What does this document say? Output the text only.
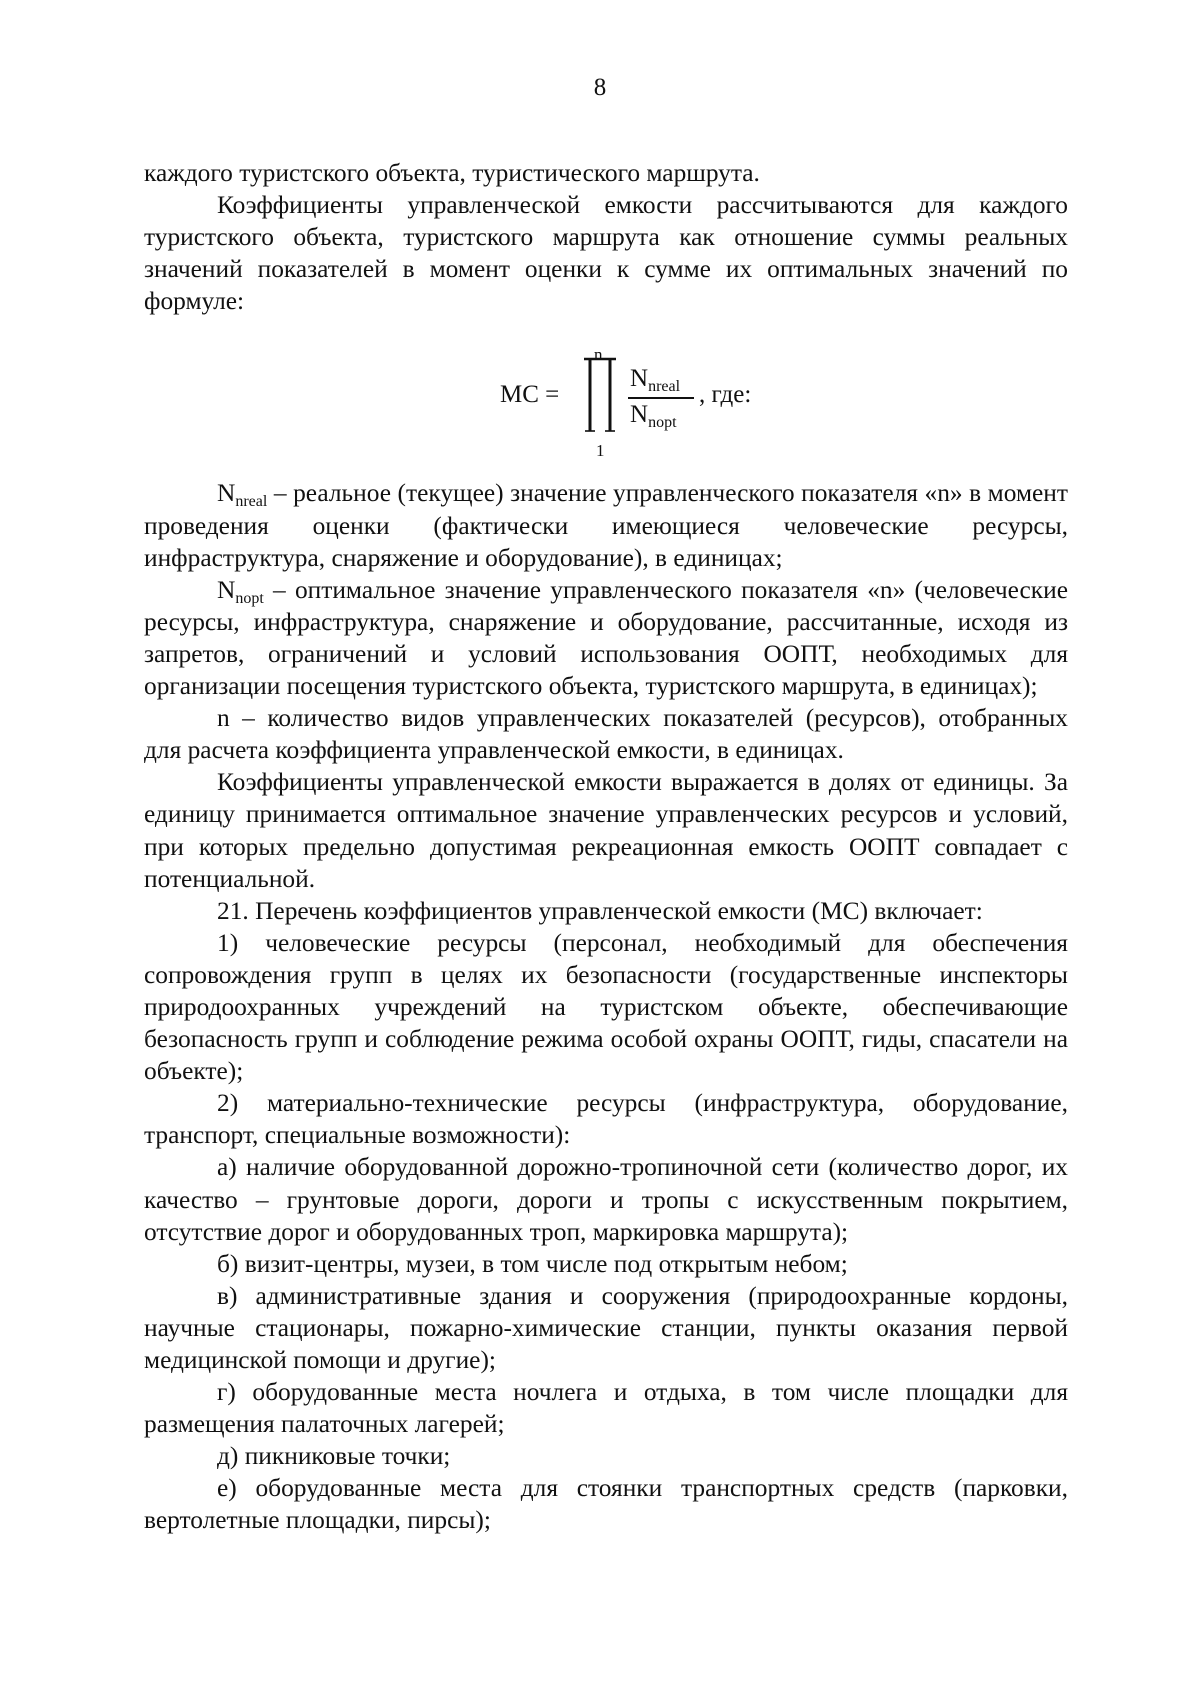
8

каждого туристского объекта, туристического маршрута.

Коэффициенты управленческой емкости рассчитываются для каждого туристского объекта, туристского маршрута как отношение суммы реальных значений показателей в момент оценки к сумме их оптимальных значений по формуле:

MC =
n
1
$N_{nreal}$
$N_{nopt}$
, где:

$N_{nreal}$ – реальное (текущее) значение управленческого показателя «n» в момент проведения оценки (фактически имеющиеся человеческие ресурсы, инфраструктура, снаряжение и оборудование), в единицах;

$N_{nopt}$ – оптимальное значение управленческого показателя «n» (человеческие ресурсы, инфраструктура, снаряжение и оборудование, рассчитанные, исходя из запретов, ограничений и условий использования ООПТ, необходимых для организации посещения туристского объекта, туристского маршрута, в единицах);

n – количество видов управленческих показателей (ресурсов), отобранных для расчета коэффициента управленческой емкости, в единицах.

Коэффициенты управленческой емкости выражается в долях от единицы. За единицу принимается оптимальное значение управленческих ресурсов и условий, при которых предельно допустимая рекреационная емкость ООПТ совпадает с потенциальной.

21. Перечень коэффициентов управленческой емкости (МС) включает:

1) человеческие ресурсы (персонал, необходимый для обеспечения сопровождения групп в целях их безопасности (государственные инспекторы природоохранных учреждений на туристском объекте, обеспечивающие безопасность групп и соблюдение режима особой охраны ООПТ, гиды, спасатели на объекте);

2) материально-технические ресурсы (инфраструктура, оборудование, транспорт, специальные возможности):

а) наличие оборудованной дорожно-тропиночной сети (количество дорог, их качество – грунтовые дороги, дороги и тропы с искусственным покрытием, отсутствие дорог и оборудованных троп, маркировка маршрута);

б) визит-центры, музеи, в том числе под открытым небом;

в) административные здания и сооружения (природоохранные кордоны, научные стационары, пожарно-химические станции, пункты оказания первой медицинской помощи и другие);

г) оборудованные места ночлега и отдыха, в том числе площадки для размещения палаточных лагерей;

д) пикниковые точки;

е) оборудованные места для стоянки транспортных средств (парковки, вертолетные площадки, пирсы);
